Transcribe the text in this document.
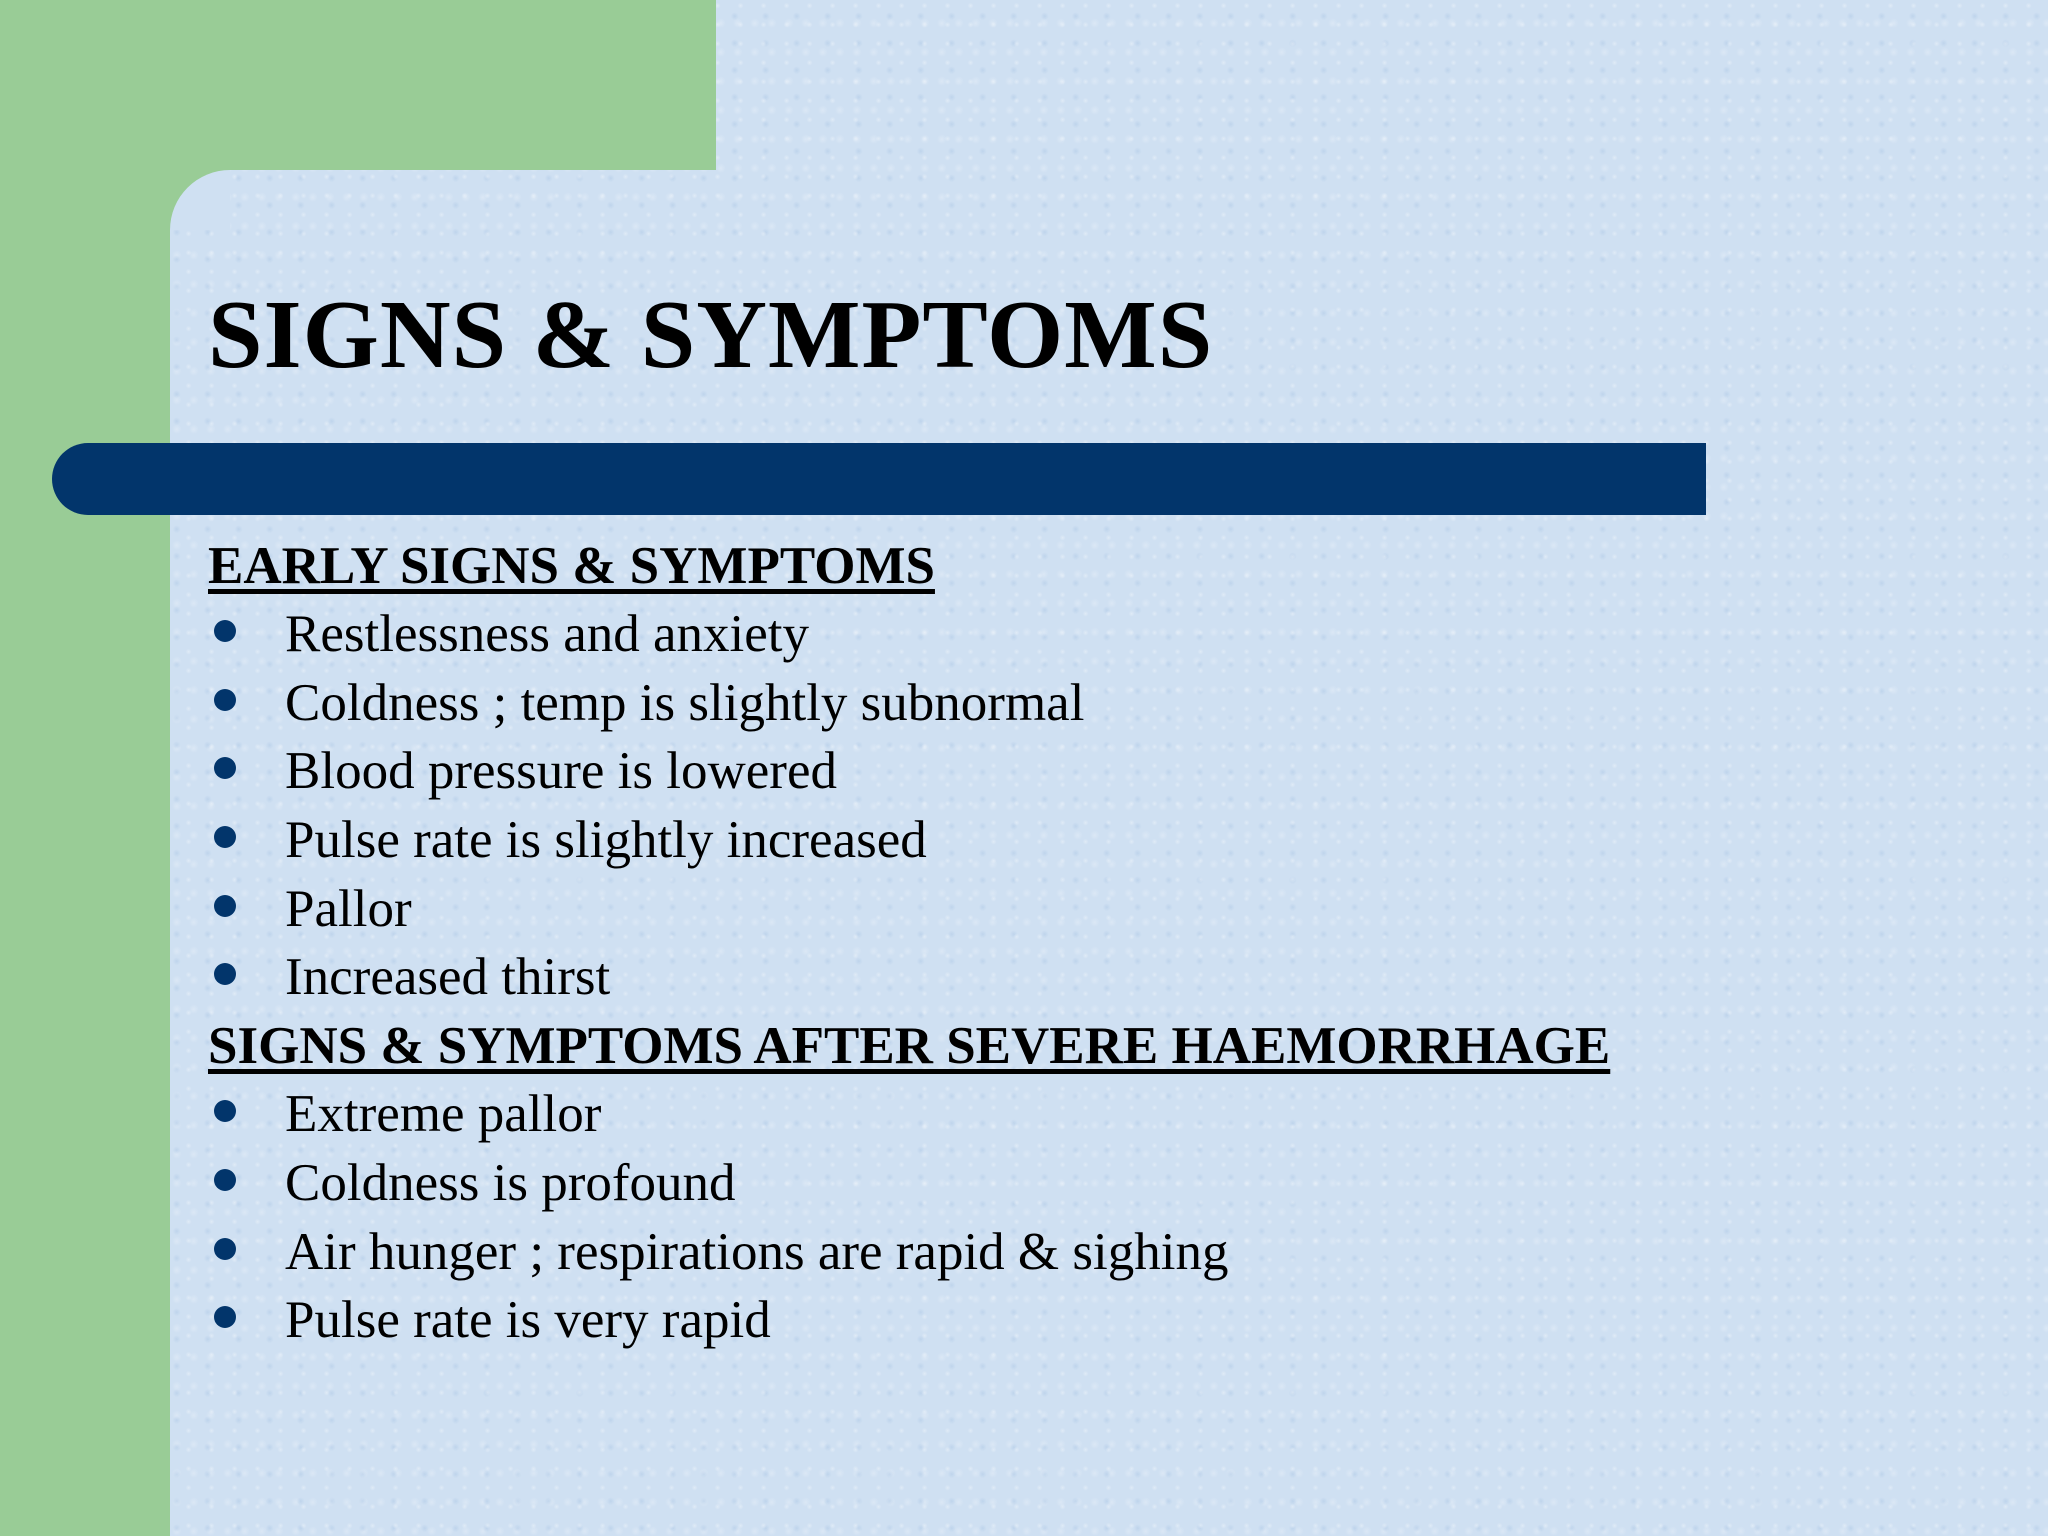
SIGNS & SYMPTOMS
EARLY SIGNS & SYMPTOMS
Restlessness and anxiety
Coldness ; temp is slightly subnormal
Blood pressure is lowered
Pulse rate is slightly increased
Pallor
Increased thirst
SIGNS & SYMPTOMS AFTER SEVERE HAEMORRHAGE
Extreme pallor
Coldness is profound
Air hunger ; respirations are rapid & sighing
Pulse rate is very rapid
